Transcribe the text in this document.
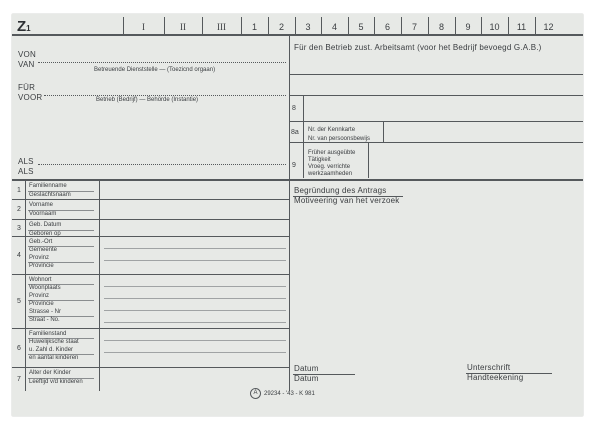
Z1	I	II	III	1	2	3	4	5	6	7	8	9	10	11	12
VON
VAN
Betreuende Dienststelle — (Toezicnd orgaan)
FÜR
VOOR	Betrieb (Bedrijf) — Behörde (Instantie)
ALS
ALS
1
Familienname
Geslachtsnaam
2
Vorname
Voornaam
3	Geb. Datum
Geboren op
4
Geb.-Ort
Gemeente
Provinz
Provincie
5
Wohnort
Woonplaats
Provinz
Provincie
Strasse - Nr
Straat - No.
6
Familienstand
Huwelijksche staat
u. Zahl d. Kinder
en aantal kinderen
7
Alter der Kinder
Leeftijd v/d kinderen
Für den Betrieb zust. Arbeitsamt (voor het Bedrijf bevoegd G.A.B.)
8
8a Nr. der Kennkarte
Nr. van persoonsbewijs
9
Früher ausgeübte
Tätigkeit
Vroeg. verrichte
werkzaamheden
Begründung des Antrags
Motiveering van het verzoek
Datum
Datum
Unterschrift
Handteekening
A	29234 - '43 - K 981
